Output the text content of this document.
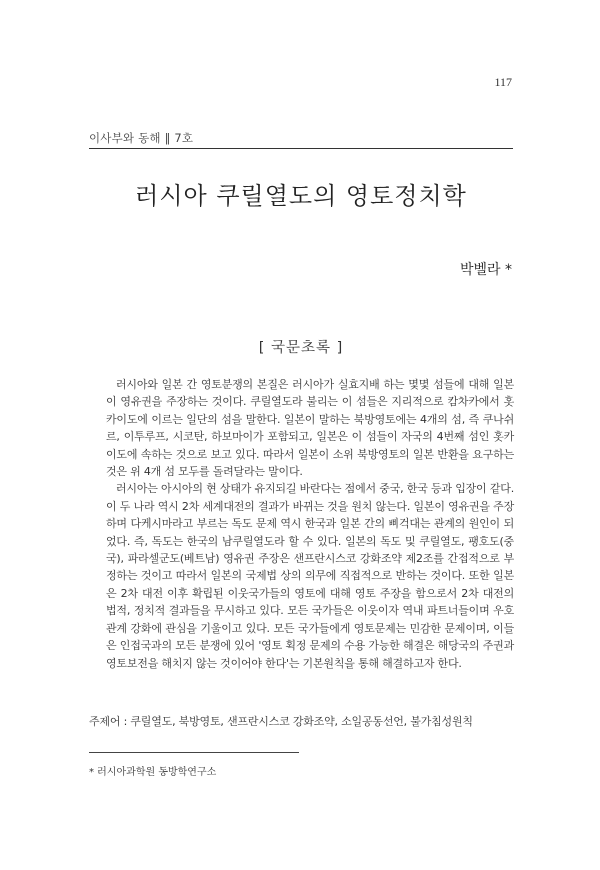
117
이사부와 동해 ‖ 7호
러시아 쿠릴열도의 영토정치학
박벨라 *
[ 국문초록 ]

러시아와 일본 간 영토분쟁의 본질은 러시아가 실효지배 하는 몇몇 섬들에 대해 일본이 영유권을 주장하는 것이다. 쿠릴열도라 불리는 이 섬들은 지리적으로 캄차카에서 홋카이도에 이르는 일단의 섬을 말한다. 일본이 말하는 북방영토에는 4개의 섬, 즉 쿠나쉬르, 이투루프, 시코탄, 하보마이가 포함되고, 일본은 이 섬들이 자국의 4번째 섬인 홋카이도에 속하는 것으로 보고 있다. 따라서 일본이 소위 북방영토의 일본 반환을 요구하는 것은 위 4개 섬 모두를 돌려달라는 말이다.

러시아는 아시아의 현 상태가 유지되길 바란다는 점에서 중국, 한국 등과 입장이 같다. 이 두 나라 역시 2차 세계대전의 결과가 바뀌는 것을 원치 않는다. 일본이 영유권을 주장하며 다케시마라고 부르는 독도 문제 역시 한국과 일본 간의 삐걱대는 관계의 원인이 되었다. 즉, 독도는 한국의 남쿠릴열도라 할 수 있다. 일본의 독도 및 쿠릴열도, 팽호도(중국), 파라셀군도(베트남) 영유권 주장은 샌프란시스코 강화조약 제2조를 간접적으로 부정하는 것이고 따라서 일본의 국제법 상의 의무에 직접적으로 반하는 것이다. 또한 일본은 2차 대전 이후 확립된 이웃국가들의 영토에 대해 영토 주장을 함으로서 2차 대전의 법적, 정치적 결과들을 무시하고 있다. 모든 국가들은 이웃이자 역내 파트너들이며 우호 관계 강화에 관심을 기울이고 있다. 모든 국가들에게 영토문제는 민감한 문제이며, 이들은 인접국과의 모든 분쟁에 있어 '영토 획정 문제의 수용 가능한 해결은 해당국의 주권과 영토보전을 해치지 않는 것이어야 한다'는 기본원칙을 통해 해결하고자 한다.

주제어 : 쿠릴열도, 북방영토, 샌프란시스코 강화조약, 소일공동선언, 불가침성원칙
* 러시아과학원 동방학연구소
